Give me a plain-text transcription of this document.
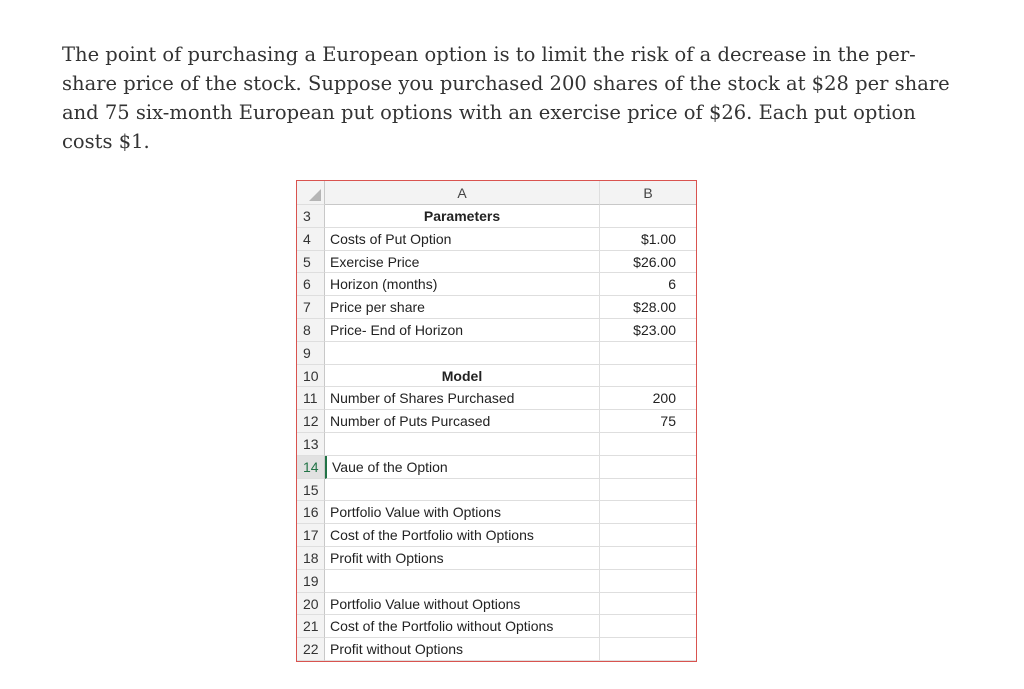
The point of purchasing a European option is to limit the risk of a decrease in the per-share price of the stock. Suppose you purchased 200 shares of the stock at $28 per share and 75 six-month European put options with an exercise price of $26. Each put option costs $1.

A	B
3	Parameters
4	Costs of Put Option	$1.00
5	Exercise Price	$26.00
6	Horizon (months)	6
7	Price per share	$28.00
8	Price- End of Horizon	$23.00
9
10	Model
11 Number of Shares Purchased	200
12 Number of Puts Purcased	75
13
14 Vaue of the Option
15
16 Portfolio Value with Options
17 Cost of the Portfolio with Options
18 Profit with Options
19
20 Portfolio Value without Options
21 Cost of the Portfolio without Options
22 Profit without Options
